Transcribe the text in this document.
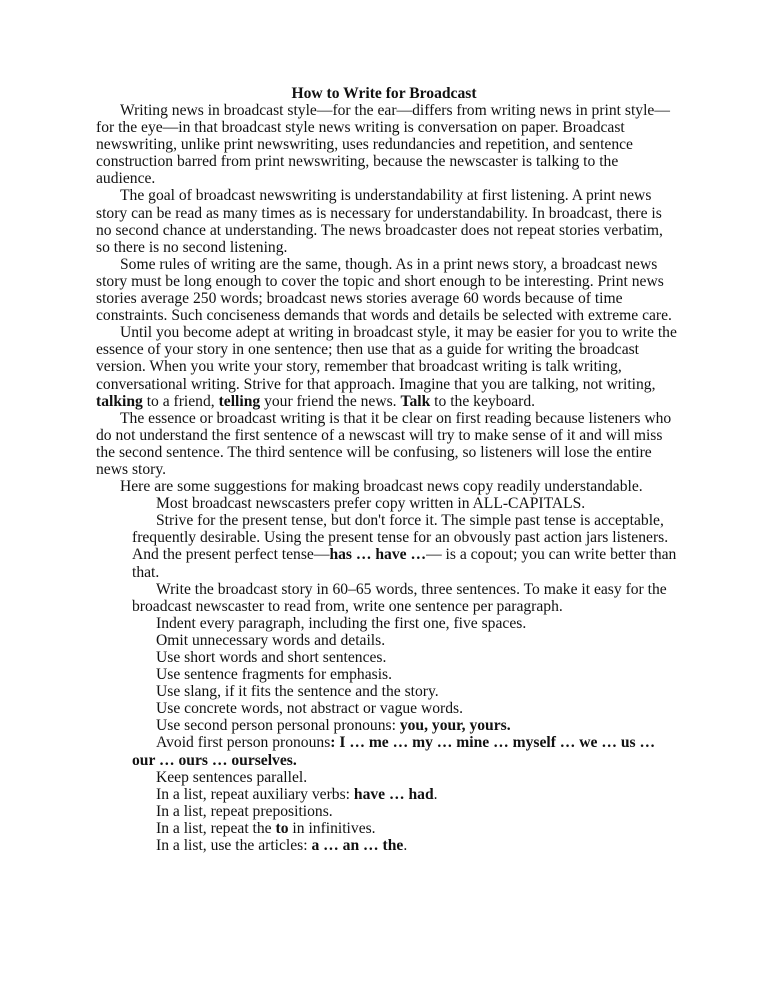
How to Write for Broadcast

Writing news in broadcast style—for the ear—differs from writing news in print style—for the eye—in that broadcast style news writing is conversation on paper. Broadcast newswriting, unlike print newswriting, uses redundancies and repetition, and sentence construction barred from print newswriting, because the newscaster is talking to the audience.

The goal of broadcast newswriting is understandability at first listening. A print news story can be read as many times as is necessary for understandability. In broadcast, there is no second chance at understanding. The news broadcaster does not repeat stories verbatim, so there is no second listening.

Some rules of writing are the same, though. As in a print news story, a broadcast news story must be long enough to cover the topic and short enough to be interesting. Print news stories average 250 words; broadcast news stories average 60 words because of time constraints. Such conciseness demands that words and details be selected with extreme care.

Until you become adept at writing in broadcast style, it may be easier for you to write the essence of your story in one sentence; then use that as a guide for writing the broadcast version. When you write your story, remember that broadcast writing is talk writing, conversational writing. Strive for that approach. Imagine that you are talking, not writing, talking to a friend, telling your friend the news. Talk to the keyboard.

The essence or broadcast writing is that it be clear on first reading because listeners who do not understand the first sentence of a newscast will try to make sense of it and will miss the second sentence. The third sentence will be confusing, so listeners will lose the entire news story.

Here are some suggestions for making broadcast news copy readily understandable.

Most broadcast newscasters prefer copy written in ALL-CAPITALS.

Strive for the present tense, but don't force it. The simple past tense is acceptable, frequently desirable. Using the present tense for an obvously past action jars listeners. And the present perfect tense—has … have …— is a copout; you can write better than that.

Write the broadcast story in 60–65 words, three sentences. To make it easy for the broadcast newscaster to read from, write one sentence per paragraph.

Indent every paragraph, including the first one, five spaces.

Omit unnecessary words and details.

Use short words and short sentences.

Use sentence fragments for emphasis.

Use slang, if it fits the sentence and the story.

Use concrete words, not abstract or vague words.

Use second person personal pronouns: you, your, yours.

Avoid first person pronouns: I … me … my … mine … myself … we … us … our … ours … ourselves.

Keep sentences parallel.

In a list, repeat auxiliary verbs: have … had.

In a list, repeat prepositions.

In a list, repeat the to in infinitives.

In a list, use the articles: a … an … the.
